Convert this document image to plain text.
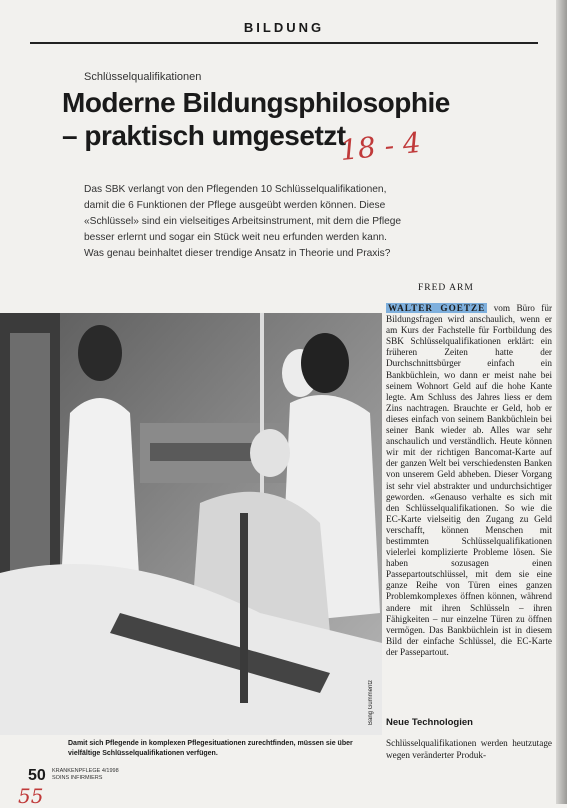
BILDUNG
Schlüsselqualifikationen
Moderne Bildungsphilosophie
– praktisch umgesetzt
18 - 4
Das SBK verlangt von den Pflegenden 10 Schlüsselqualifikationen, damit die 6 Funktionen der Pflege ausgeübt werden können. Diese «Schlüssel» sind ein vielseitiges Arbeitsinstrument, mit dem die Pflege besser erlernt und sogar ein Stück weit neu erfunden werden kann. Was genau beinhaltet dieser trendige Ansatz in Theorie und Praxis?
FRED ARM
Bang Gümmeritz
Damit sich Pflegende in komplexen Pflegesituationen zurechtfinden, müssen sie über vielfältige Schlüsselqualifikationen verfügen.
50 KRANKENPFLEGE 4/1998
SOINS INFIRMIERS
55
WALTER GOETZE vom Büro für Bildungsfragen wird anschaulich, wenn er am Kurs der Fachstelle für Fortbildung des SBK Schlüsselqualifikationen erklärt: ein früheren Zeiten hatte der Durchschnittsbürger einfach ein Bankbüchlein, wo dann er meist nahe bei seinem Wohnort Geld auf die hohe Kante legte. Am Schluss des Jahres liess er dem Zins nachtragen. Brauchte er Geld, hob er dieses einfach von seinem Bankbüchlein bei seiner Bank wieder ab. Alles war sehr anschaulich und verständlich. Heute können wir mit der richtigen Bancomat-Karte auf der ganzen Welt bei verschiedensten Banken von unserem Geld abheben. Dieser Vorgang ist sehr viel abstrakter und undurchsichtiger geworden. «Genauso verhalte es sich mit den Schlüsselqualifikationen. So wie die EC-Karte vielseitig den Zugang zu Geld verschafft, können Menschen mit bestimmten Schlüsselqualifikationen vielerlei komplizierte Probleme lösen. Sie haben sozusagen einen Passepartoutschlüssel, mit dem sie eine ganze Reihe von Türen eines ganzen Problemkomplexes öffnen können, während andere mit ihren Schlüsseln – ihren Fähigkeiten – nur einzelne Türen zu öffnen vermögen. Das Bankbüchlein ist in diesem Bild der einfache Schlüssel, die EC-Karte der Passepartout.
Neue Technologien
Schlüsselqualifikationen werden heutzutage wegen veränderter Produk-
